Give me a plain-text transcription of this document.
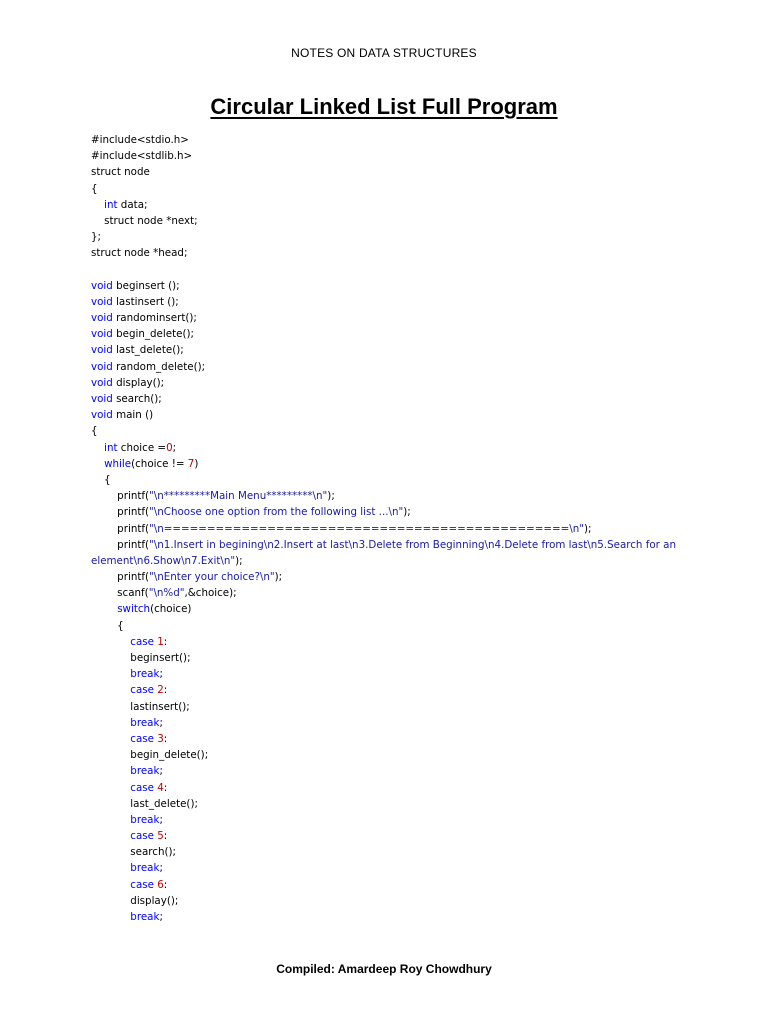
NOTES ON DATA STRUCTURES
Circular Linked List Full Program
#include<stdio.h>
#include<stdlib.h>
struct node
{
int data;
struct node *next;
};
struct node *head;
void beginsert ();
void lastinsert ();
void randominsert();
void begin_delete();
void last_delete();
void random_delete();
void display();
void search();
void main ()
{
int choice =0;
while(choice != 7)
{
printf("\n*********Main Menu*********\n");
printf("\nChoose one option from the following list ...\n");
printf("\n===============================================\n");
printf("\n1.Insert in begining\n2.Insert at last\n3.Delete from Beginning\n4.Delete from last\n5.Search for an
element\n6.Show\n7.Exit\n");
printf("\nEnter your choice?\n");
scanf("\n%d",&choice);
switch(choice)
{
case 1:
beginsert();
break;
case 2:
lastinsert();
break;
case 3:
begin_delete();
break;
case 4:
last_delete();
break;
case 5:
search();
break;
case 6:
display();
break;
Compiled: Amardeep Roy Chowdhury
